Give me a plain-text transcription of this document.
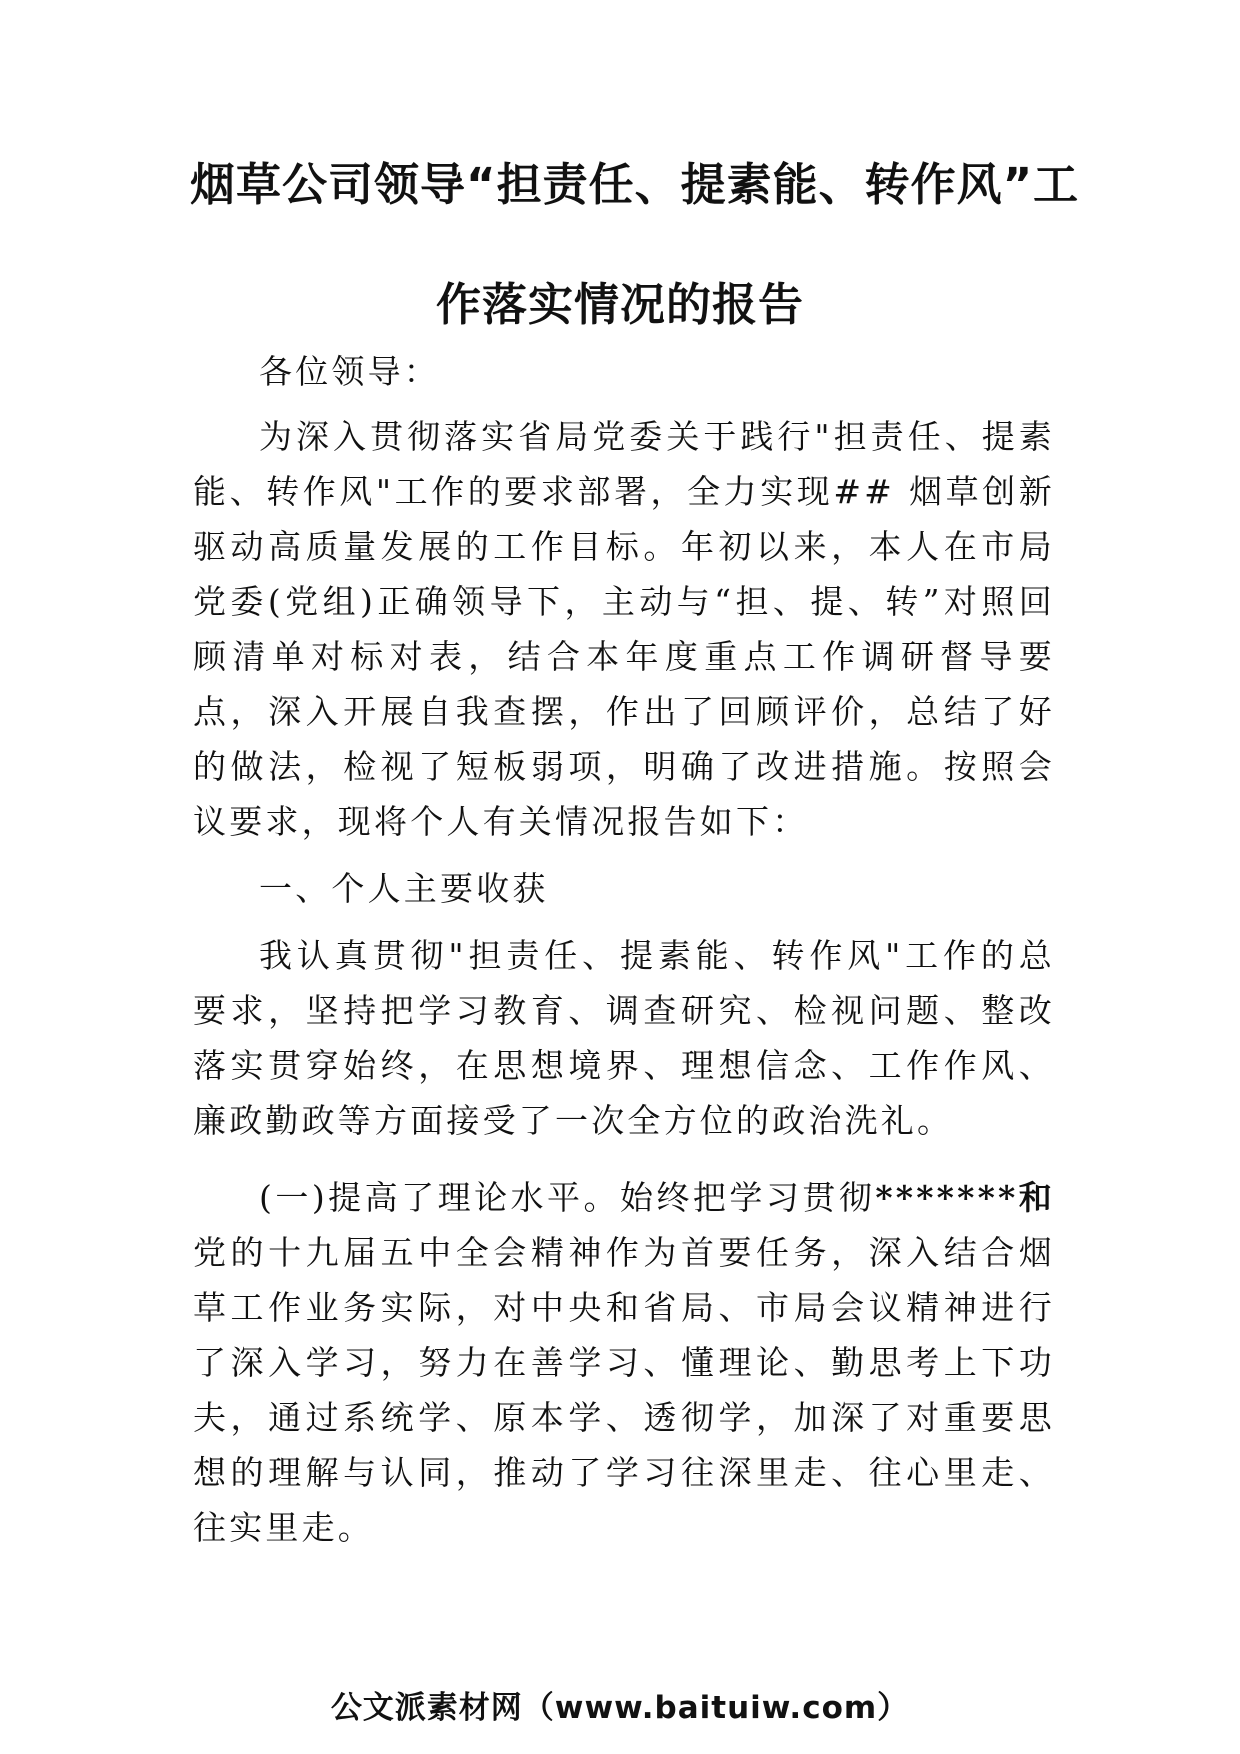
烟草公司领导“担责任、提素能、转作风”工
作落实情况的报告

各位领导：

为深入贯彻落实省局党委关于践行"担责任、提素能、转作风"工作的要求部署，全力实现## 烟草创新驱动高质量发展的工作目标。年初以来，本人在市局党委(党组)正确领导下，主动与“担、提、转”对照回顾清单对标对表，结合本年度重点工作调研督导要点，深入开展自我查摆，作出了回顾评价，总结了好的做法，检视了短板弱项，明确了改进措施。按照会议要求，现将个人有关情况报告如下：

一、个人主要收获

我认真贯彻"担责任、提素能、转作风"工作的总要求，坚持把学习教育、调查研究、检视问题、整改落实贯穿始终，在思想境界、理想信念、工作作风、廉政勤政等方面接受了一次全方位的政治洗礼。

(一)提高了理论水平。始终把学习贯彻*******和党的十九届五中全会精神作为首要任务，深入结合烟草工作业务实际，对中央和省局、市局会议精神进行了深入学习，努力在善学习、懂理论、勤思考上下功夫，通过系统学、原本学、透彻学，加深了对重要思想的理解与认同，推动了学习往深里走、往心里走、往实里走。

公文派素材网（www.baituiw.com）
